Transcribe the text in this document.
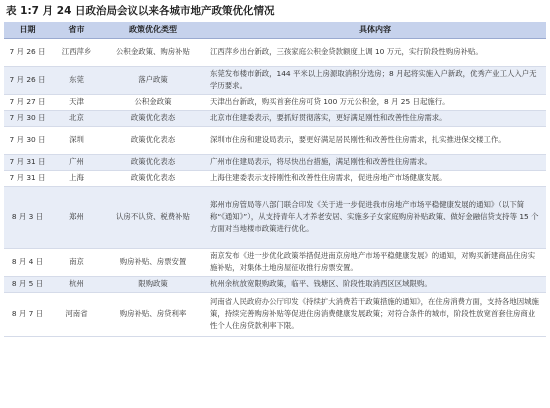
表 1:7 月 24 日政治局会议以来各城市地产政策优化情况
日期	省市	政策优化类型	具体内容
7 月 26 日	江西萍乡	公积金政策、购房补贴	江西萍乡出台新政，三孩家庭公积金贷款额度上调 10 万元，实行阶段性购房补贴。
7 月 26 日	东莞	落户政策	东莞发布楼市新政，144 平米以上房源取消积分选房；8 月起将实施入户新政，优秀产业工人入户无学历要求。
7 月 27 日	天津	公积金政策	天津出台新政，购买首套住房可贷 100 万元公积金，8 月 25 日起施行。
7 月 30 日	北京	政策优化表态	北京市住建委表示，要抓好贯彻落实，更好满足刚性和改善性住房需求。
7 月 30 日	深圳	政策优化表态	深圳市住房和建设局表示，要更好满足居民刚性和改善性住房需求，扎实推进保交楼工作。
7 月 31 日	广州	政策优化表态	广州市住建局表示，将尽快出台措施，满足刚性和改善性住房需求。
7 月 31 日	上海	政策优化表态	上海住建委表示支持刚性和改善性住房需求，促进房地产市场健康发展。
8 月 3 日	郑州	认房不认贷、税费补贴	郑州市房管局等八部门联合印发《关于进一步促进我市房地产市场平稳健康发展的通知》（以下简称“《通知》”），从支持青年人才养老安居、实施多子女家庭购房补贴政策、做好金融信贷支持等 15 个方面对当地楼市政策进行优化。
8 月 4 日	南京	购房补贴、房票安置	南京发布《进一步优化政策举措促进南京房地产市场平稳健康发展》的通知，对购买新建商品住房实施补贴，对集体土地房屋征收推行房票安置。
8 月 5 日	杭州	限购政策	杭州余杭放宽限购政策，临平、钱塘区、阶段性取消西区区域限购。
8 月 7 日	河南省	购房补贴、房贷利率	河南省人民政府办公厅印发《持续扩大消费若干政策措施的通知》，在住房消费方面，支持各地因城施策，持续完善购房补贴等促进住房消费健康发展政策；对符合条件的城市，阶段性放宽首套住房商业性个人住房贷款利率下限。
